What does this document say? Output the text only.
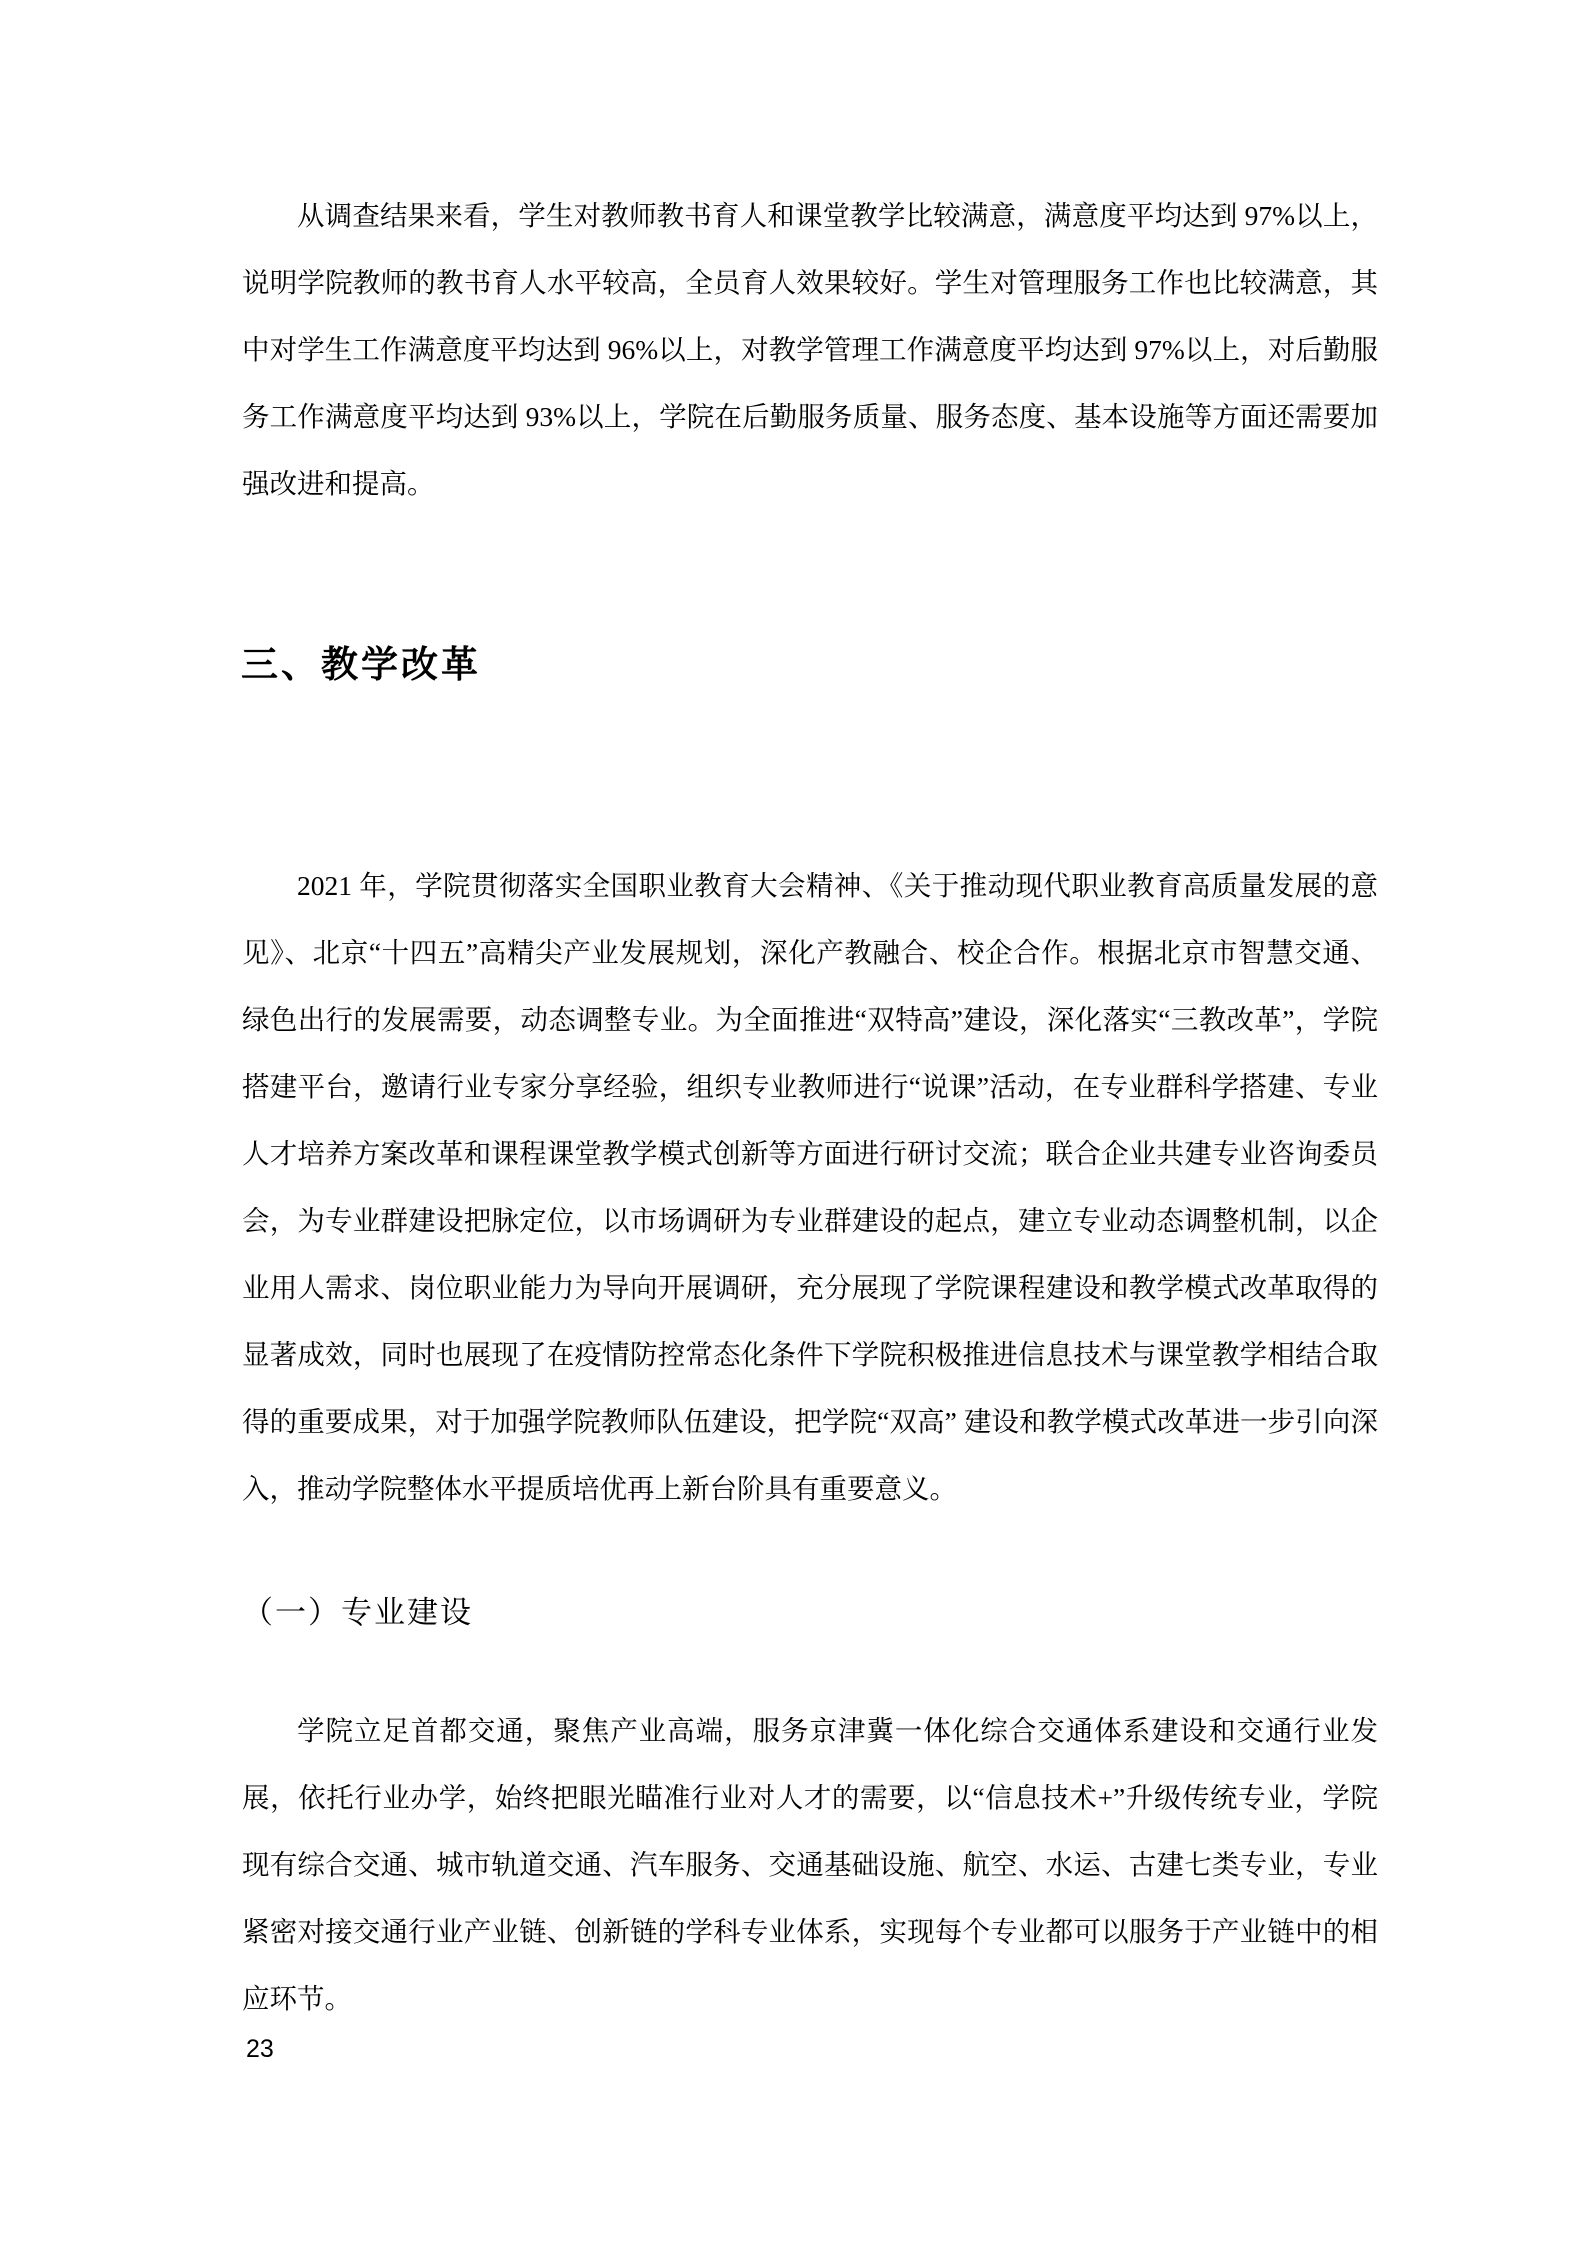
从调查结果来看，学生对教师教书育人和课堂教学比较满意，满意度平均达到 97%以上，说明学院教师的教书育人水平较高，全员育人效果较好。学生对管理服务工作也比较满意，其中对学生工作满意度平均达到 96%以上，对教学管理工作满意度平均达到 97%以上，对后勤服务工作满意度平均达到 93%以上，学院在后勤服务质量、服务态度、基本设施等方面还需要加强改进和提高。

三、教学改革

2021 年，学院贯彻落实全国职业教育大会精神、《关于推动现代职业教育高质量发展的意见》、北京“十四五”高精尖产业发展规划，深化产教融合、校企合作。根据北京市智慧交通、绿色出行的发展需要，动态调整专业。为全面推进“双特高”建设，深化落实“三教改革”，学院搭建平台，邀请行业专家分享经验，组织专业教师进行“说课”活动，在专业群科学搭建、专业人才培养方案改革和课程课堂教学模式创新等方面进行研讨交流；联合企业共建专业咨询委员会，为专业群建设把脉定位，以市场调研为专业群建设的起点，建立专业动态调整机制，以企业用人需求、岗位职业能力为导向开展调研，充分展现了学院课程建设和教学模式改革取得的显著成效，同时也展现了在疫情防控常态化条件下学院积极推进信息技术与课堂教学相结合取得的重要成果，对于加强学院教师队伍建设，把学院“双高” 建设和教学模式改革进一步引向深入，推动学院整体水平提质培优再上新台阶具有重要意义。

（一）专业建设

学院立足首都交通，聚焦产业高端，服务京津冀一体化综合交通体系建设和交通行业发展，依托行业办学，始终把眼光瞄准行业对人才的需要，以“信息技术+”升级传统专业，学院现有综合交通、城市轨道交通、汽车服务、交通基础设施、航空、水运、古建七类专业，专业紧密对接交通行业产业链、创新链的学科专业体系，实现每个专业都可以服务于产业链中的相应环节。

23
